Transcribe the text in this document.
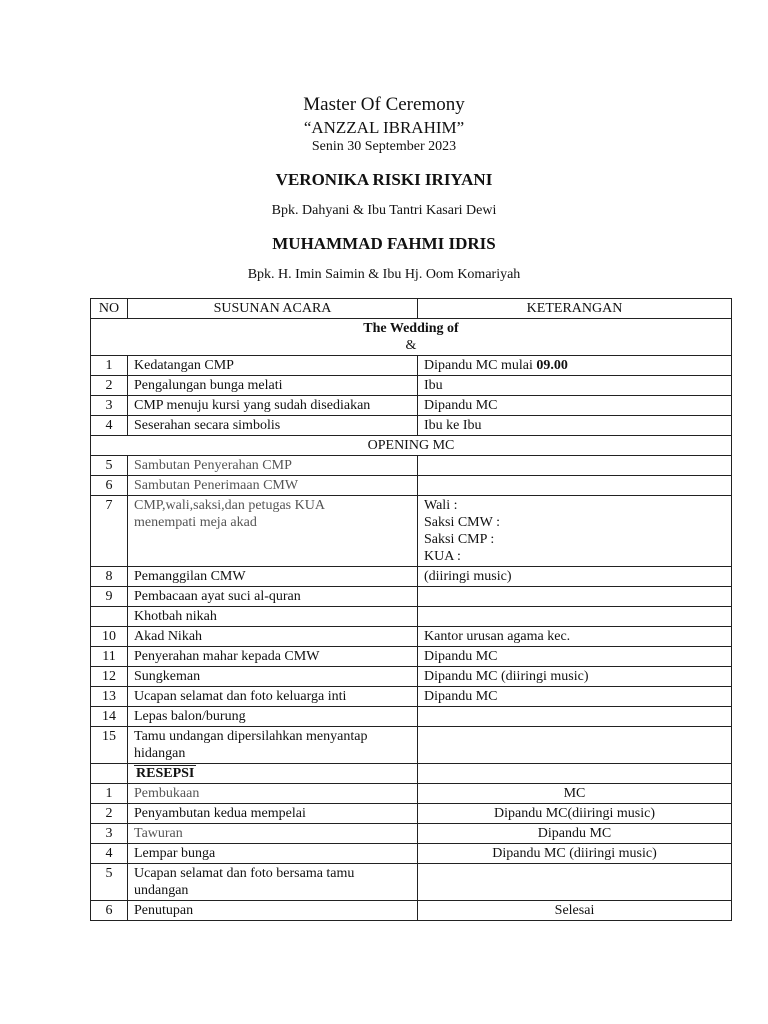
Master Of Ceremony
“ANZZAL IBRAHIM”
Senin 30 September 2023
VERONIKA RISKI IRIYANI
Bpk. Dahyani & Ibu Tantri Kasari Dewi
MUHAMMAD FAHMI IDRIS
Bpk. H. Imin Saimin & Ibu Hj. Oom Komariyah
NO	SUSUNAN ACARA	KETERANGAN

The Wedding of
&		

1	Kedatangan CMP	Dipandu MC mulai 09.00
2	Pengalungan bunga melati	Ibu
3	CMP menuju kursi yang sudah disediakan	Dipandu MC
4	Seserahan secara simbolis	Ibu ke Ibu
OPENING MC		
5	Sambutan Penyerahan CMP	
6	Sambutan Penerimaan CMW	
7	CMP,wali,saksi,dan petugas KUA
menempati meja akad	Wali :
Saksi CMW :
Saksi CMP :
KUA :
8	Pemanggilan CMW	(diiringi music)
9	Pembacaan ayat suci al-quran	
	Khotbah nikah	
10	Akad Nikah	Kantor urusan agama kec.
11	Penyerahan mahar kepada CMW	Dipandu MC
12	Sungkeman	Dipandu MC (diiringi music)
13	Ucapan selamat dan foto keluarga inti	Dipandu MC
14	Lepas balon/burung	
15	Tamu undangan dipersilahkan menyantap
hidangan	
	RESEPSI	
1	Pembukaan	MC
2	Penyambutan kedua mempelai	Dipandu MC(diiringi music)
3	Tawuran	Dipandu MC
4	Lempar bunga	Dipandu MC (diiringi music)
5	Ucapan selamat dan foto bersama tamu
undangan	
6	Penutupan	Selesai
